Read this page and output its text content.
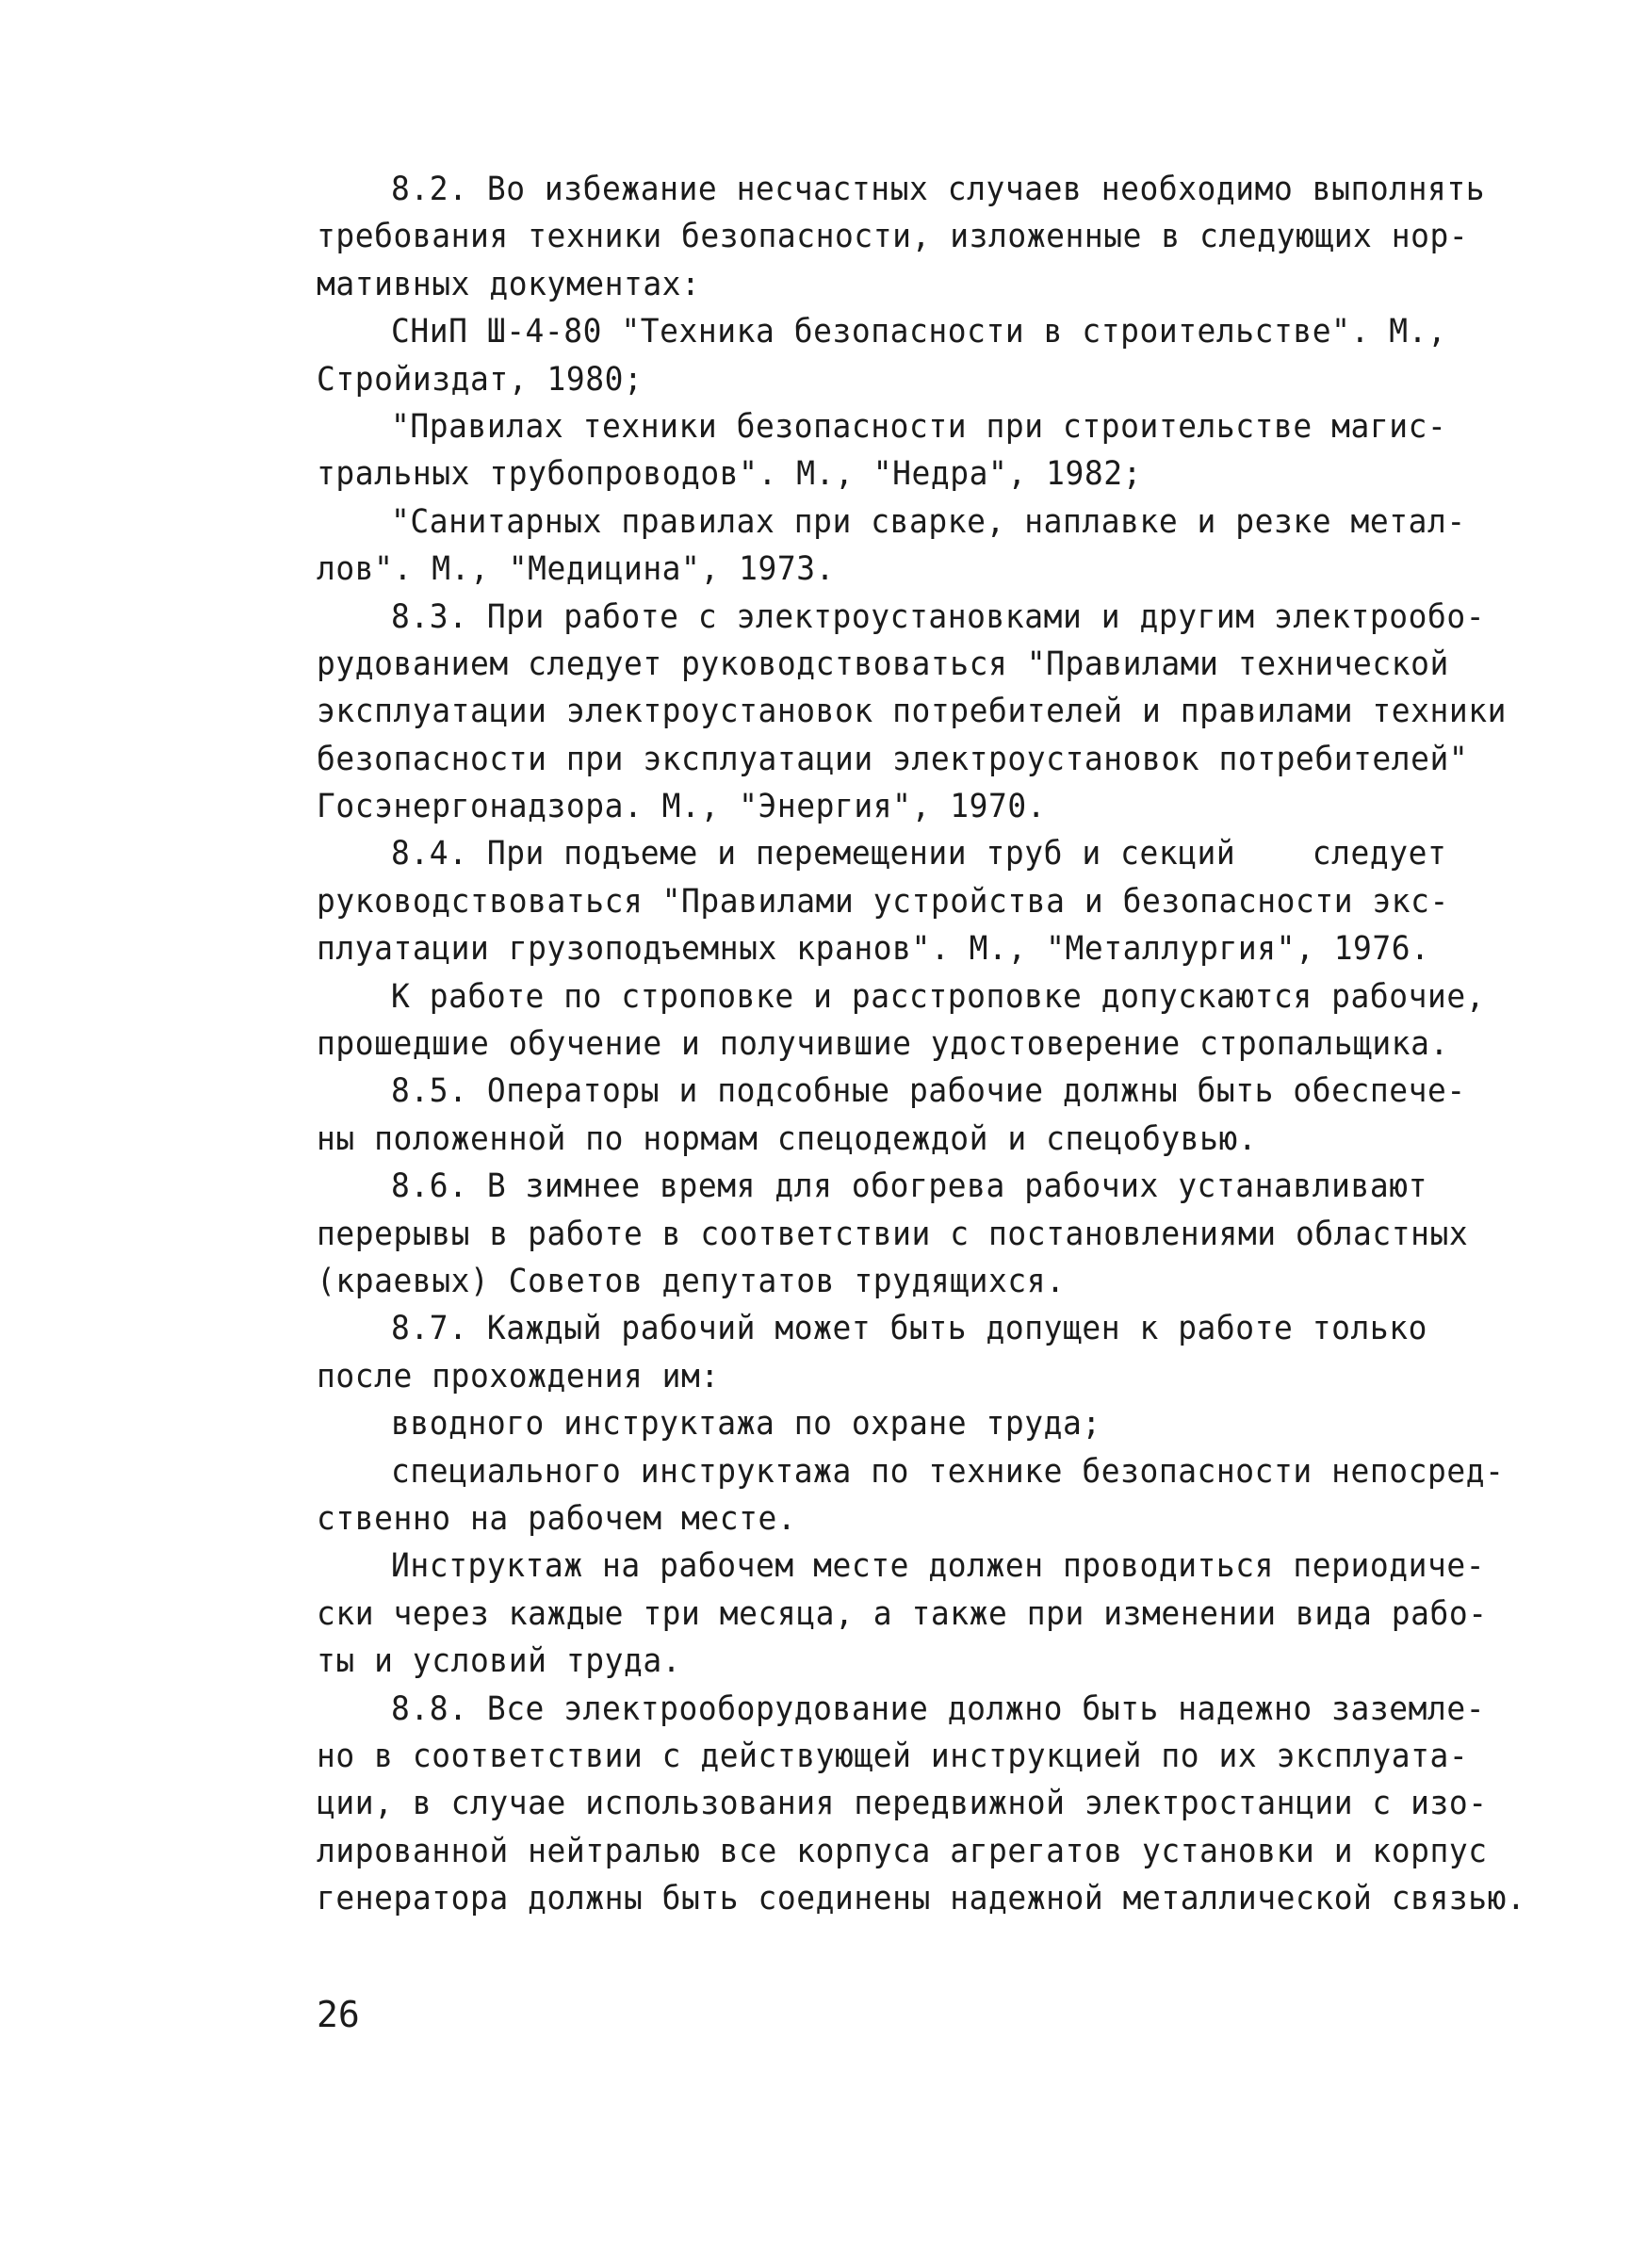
8.2. Во избежание несчастных случаев необходимо выполнять
требования техники безопасности, изложенные в следующих нор-
мативных документах:
СНиП Ш-4-80 "Техника безопасности в строительстве". М.,
Стройиздат, 1980;
"Правилах техники безопасности при строительстве магис-
тральных трубопроводов". М., "Недра", 1982;
"Санитарных правилах при сварке, наплавке и резке метал-
лов". М., "Медицина", 1973.
8.3. При работе с электроустановками и другим электрообо-
рудованием следует руководствоваться "Правилами технической
эксплуатации электроустановок потребителей и правилами техники
безопасности при эксплуатации электроустановок потребителей"
Госэнергонадзора. М., "Энергия", 1970.
8.4. При подъеме и перемещении труб и секций    следует
руководствоваться "Правилами устройства и безопасности экс-
плуатации грузоподъемных кранов". М., "Металлургия", 1976.
К работе по строповке и расстроповке допускаются рабочие,
прошедшие обучение и получившие удостоверение стропальщика.
8.5. Операторы и подсобные рабочие должны быть обеспече-
ны положенной по нормам спецодеждой и спецобувью.
8.6. В зимнее время для обогрева рабочих устанавливают
перерывы в работе в соответствии с постановлениями областных
(краевых) Советов депутатов трудящихся.
8.7. Каждый рабочий может быть допущен к работе только
после прохождения им:
вводного инструктажа по охране труда;
специального инструктажа по технике безопасности непосред-
ственно на рабочем месте.
Инструктаж на рабочем месте должен проводиться периодиче-
ски через каждые три месяца, а также при изменении вида рабо-
ты и условий труда.
8.8. Все электрооборудование должно быть надежно заземле-
но в соответствии с действующей инструкцией по их эксплуата-
ции, в случае использования передвижной электростанции с изо-
лированной нейтралью все корпуса агрегатов установки и корпус
генератора должны быть соединены надежной металлической связью.
26
